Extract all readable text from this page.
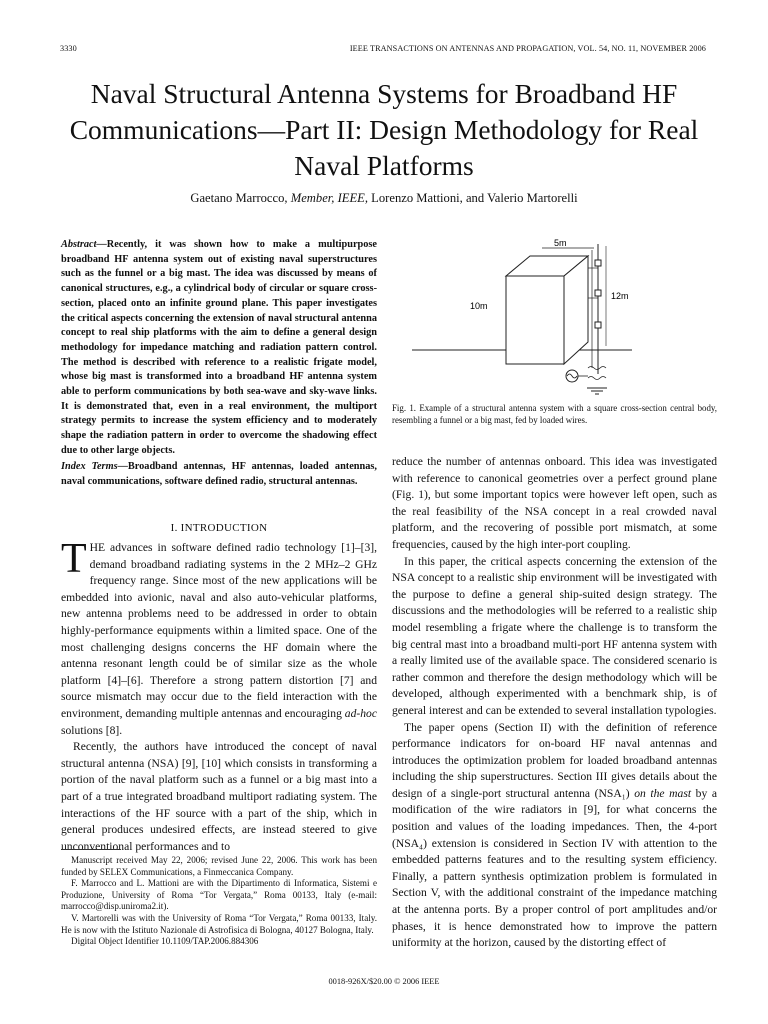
3330	IEEE TRANSACTIONS ON ANTENNAS AND PROPAGATION, VOL. 54, NO. 11, NOVEMBER 2006
Naval Structural Antenna Systems for Broadband HF Communications—Part II: Design Methodology for Real Naval Platforms
Gaetano Marrocco, Member, IEEE, Lorenzo Mattioni, and Valerio Martorelli
Abstract—Recently, it was shown how to make a multipurpose broadband HF antenna system out of existing naval superstructures such as the funnel or a big mast. The idea was discussed by means of canonical structures, e.g., a cylindrical body of circular or square cross-section, placed onto an infinite ground plane. This paper investigates the critical aspects concerning the extension of naval structural antenna concept to real ship platforms with the aim to define a general design methodology for impedance matching and radiation pattern control. The method is described with reference to a realistic frigate model, whose big mast is transformed into a broadband HF antenna system able to perform communications by both sea-wave and sky-wave links. It is demonstrated that, even in a real environment, the multiport strategy permits to increase the system efficiency and to moderately shape the radiation pattern in order to overcome the shadowing effect due to other large objects.
Index Terms—Broadband antennas, HF antennas, loaded antennas, naval communications, software defined radio, structural antennas.
I. INTRODUCTION

THE advances in software defined radio technology [1]–[3], demand broadband radiating systems in the 2 MHz–2 GHz frequency range. Since most of the new applications will be embedded into avionic, naval and also auto-vehicular platforms, new antenna problems need to be addressed in order to obtain highly-performance equipments within a limited space. One of the most challenging designs concerns the HF domain where the antenna resonant length could be of similar size as the whole platform [4]–[6]. Therefore a strong pattern distortion [7] and source mismatch may occur due to the field interaction with the environment, demanding multiple antennas and encouraging ad-hoc solutions [8].

Recently, the authors have introduced the concept of naval structural antenna (NSA) [9], [10] which consists in transforming a portion of the naval platform such as a funnel or a big mast into a part of a true integrated broadband multiport radiating system. The interactions of the HF source with a part of the ship, which in general produces undesired effects, are instead steered to give unconventional performances and to

Manuscript received May 22, 2006; revised June 22, 2006. This work has been funded by SELEX Communications, a Finmeccanica Company.

F. Marrocco and L. Mattioni are with the Dipartimento di Informatica, Sistemi e Produzione, University of Roma “Tor Vergata,” Roma 00133, Italy (e-mail: marrocco@disp.uniroma2.it).

V. Martorelli was with the University of Roma “Tor Vergata,” Roma 00133, Italy. He is now with the Istituto Nazionale di Astrofisica di Bologna, 40127 Bologna, Italy.

Digital Object Identifier 10.1109/TAP.2006.884306

5m
10m
12m
Fig. 1. Example of a structural antenna system with a square cross-section central body, resembling a funnel or a big mast, fed by loaded wires.

reduce the number of antennas onboard. This idea was investigated with reference to canonical geometries over a perfect ground plane (Fig. 1), but some important topics were however left open, such as the real feasibility of the NSA concept in a real crowded naval platform, and the recovering of possible port mismatch, at some frequencies, caused by the high inter-port coupling.

In this paper, the critical aspects concerning the extension of the NSA concept to a realistic ship environment will be investigated with the purpose to define a general ship-suited design strategy. The discussions and the methodologies will be referred to a realistic ship model resembling a frigate where the challenge is to transform the big central mast into a broadband multi-port HF antenna system with a really limited use of the available space. The considered scenario is rather common and therefore the design methodology which will be developed, although experimented with a benchmark ship, is of general interest and can be extended to several installation typologies.

The paper opens (Section II) with the definition of reference performance indicators for on-board HF naval antennas and introduces the optimization problem for loaded broadband antennas including the ship superstructures. Section III gives details about the design of a single-port structural antenna (NSA₁) on the mast by a modification of the wire radiators in [9], for what concerns the position and values of the loading impedances. Then, the 4-port (NSA₄) extension is considered in Section IV with attention to the embedded patterns features and to the resulting system efficiency. Finally, a pattern synthesis optimization problem is formulated in Section V, with the additional constraint of the impedance matching at the antenna ports. By a proper control of port amplitudes and/or phases, it is hence demonstrated how to improve the pattern uniformity at the horizon, caused by the distorting effect of

0018-926X/$20.00 © 2006 IEEE
